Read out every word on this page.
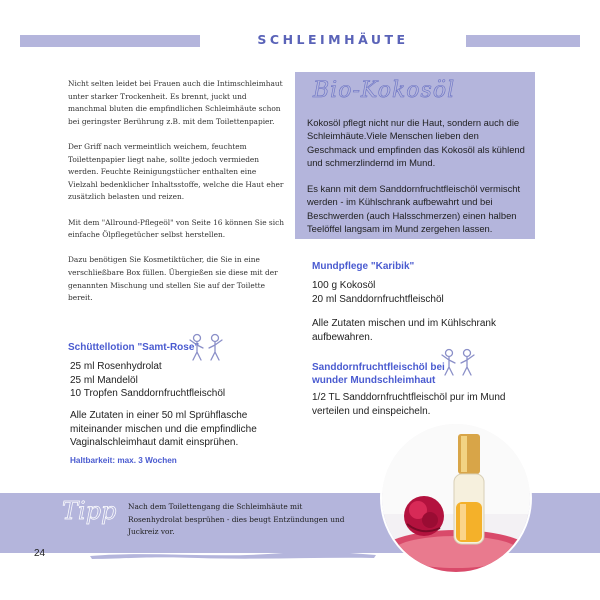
SCHLEIMHÄUTE

Nicht selten leidet bei Frauen auch die Intimschleimhaut unter starker Trockenheit. Es brennt, juckt und manchmal bluten die empfindlichen Schleimhäute schon bei geringster Berührung z.B. mit dem Toilettenpapier.

Der Griff nach vermeintlich weichem, feuchtem Toilettenpapier liegt nahe, sollte jedoch vermieden werden. Feuchte Reinigungstücher enthalten eine Vielzahl bedenklicher Inhaltsstoffe, welche die Haut eher zusätzlich belasten und reizen.

Mit dem "Allround-Pflegeöl" von Seite 16 können Sie sich einfache Ölpflegetücher selbst herstellen.

Dazu benötigen Sie Kosmetiktücher, die Sie in eine verschließbare Box füllen. Übergießen sie diese mit der genannten Mischung und stellen Sie auf der Toilette bereit.

Schüttellotion "Samt-Rose"
25 ml Rosenhydrolat
25 ml Mandelöl
10 Tropfen Sanddornfruchtfleischöl
Alle Zutaten in einer 50 ml Sprühflasche miteinander mischen und die empfindliche Vaginalschleimhaut damit einsprühen.
Haltbarkeit: max. 3 Wochen
Bio-Kokosöl
Kokosöl pflegt nicht nur die Haut, sondern auch die Schleimhäute.Viele Menschen lieben den Geschmack und empfinden das Kokosöl als kühlend und schmerzlindernd im Mund.
Es kann mit dem Sanddornfruchtfleischöl vermischt werden - im Kühlschrank aufbewahrt und bei Beschwerden (auch Halsschmerzen) einen halben Teelöffel langsam im Mund zergehen lassen.
Mundpflege "Karibik"
100 g Kokosöl
20 ml Sanddornfruchtfleischöl
Alle Zutaten mischen und im Kühlschrank aufbewahren.
Sanddornfruchtfleischöl bei
wunder Mundschleimhaut
1/2 TL Sanddornfruchtfleischöl pur im Mund verteilen und einspeicheln.
Tipp Nach dem Toilettengang die Schleimhäute mit Rosenhydrolat besprühen - dies beugt Entzündungen und Juckreiz vor.
24
